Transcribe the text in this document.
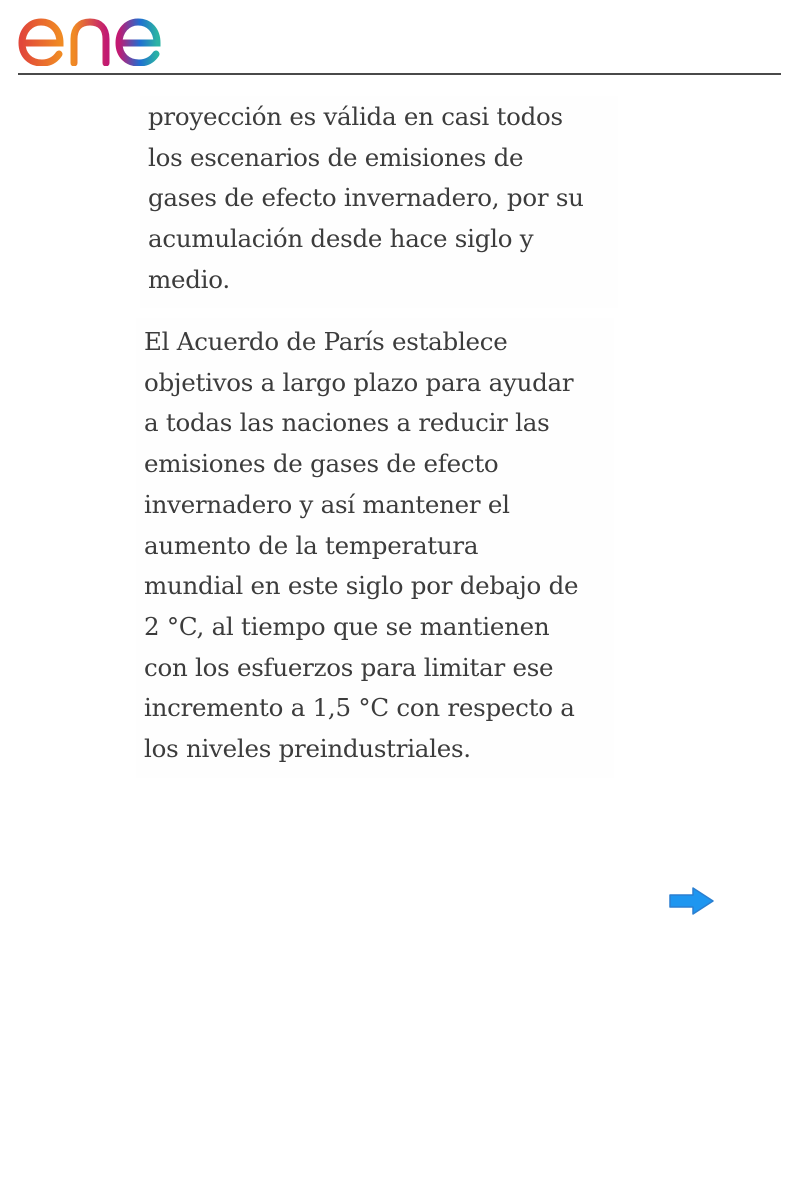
proyección es válida en casi todos
los escenarios de emisiones de
gases de efecto invernadero, por su
acumulación desde hace siglo y
medio.

El Acuerdo de París establece
objetivos a largo plazo para ayudar
a todas las naciones a reducir las
emisiones de gases de efecto
invernadero y así mantener el
aumento de la temperatura
mundial en este siglo por debajo de
2 °C, al tiempo que se mantienen
con los esfuerzos para limitar ese
incremento a 1,5 °C con respecto a
los niveles preindustriales.
